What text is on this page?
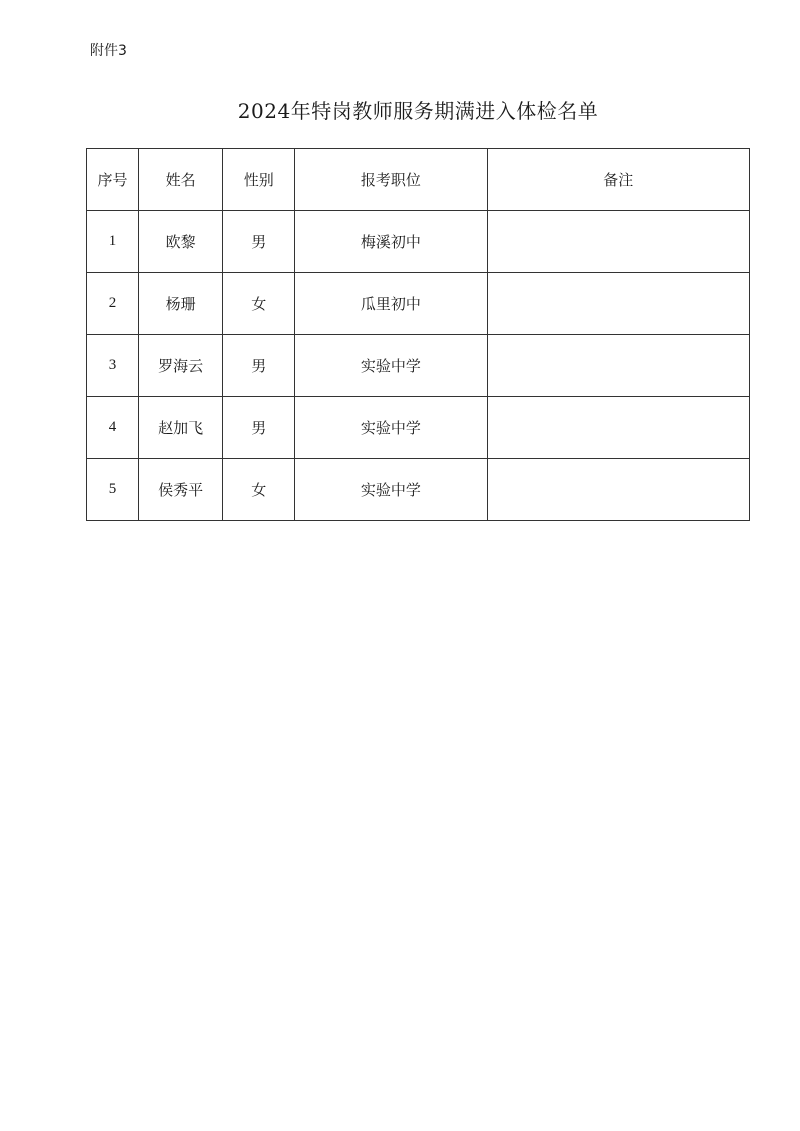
附件3
2024年特岗教师服务期满进入体检名单
序号	姓名	性别	报考职位	备注
1	欧黎	男	梅溪初中	
2	杨珊	女	瓜里初中	
3	罗海云	男	实验中学	
4	赵加飞	男	实验中学	
5	侯秀平	女	实验中学	
